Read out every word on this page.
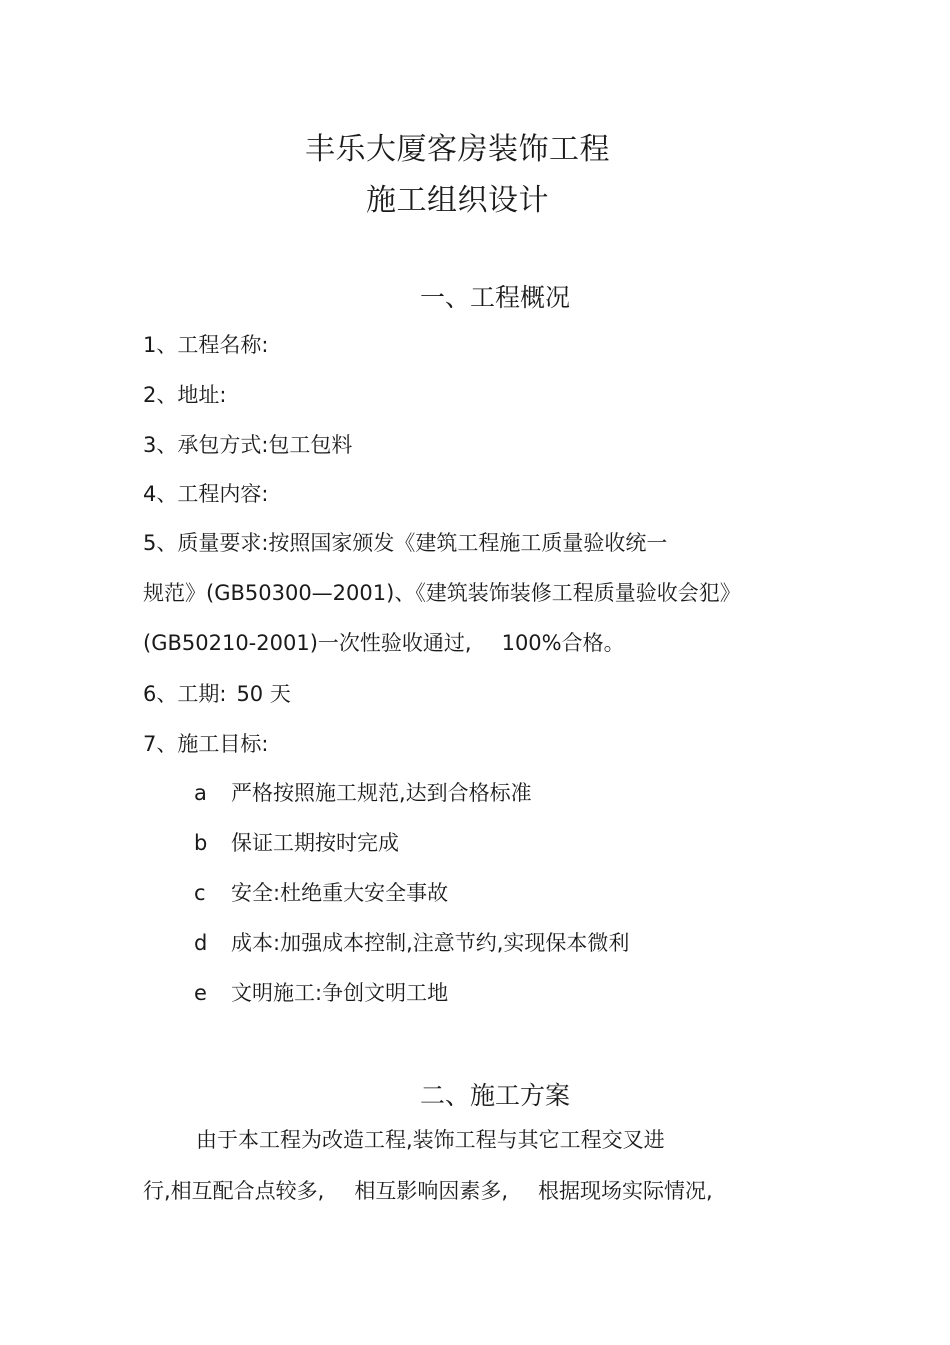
丰乐大厦客房装饰工程
施工组织设计
一、工程概况
1、工程名称:
2、地址:
3、承包方式:包工包料
4、工程内容:
5、质量要求:按照国家颁发《建筑工程施工质量验收统一
规范》(GB50300—2001)、《建筑装饰装修工程质量验收会犯》
(GB50210-2001)一次性验收通过, 100%合格。
6、工期: 50 天
7、施工目标:
a 严格按照施工规范,达到合格标准
b 保证工期按时完成
c 安全:杜绝重大安全事故
d 成本:加强成本控制,注意节约,实现保本微利
e 文明施工:争创文明工地
二、施工方案
由于本工程为改造工程,装饰工程与其它工程交叉进
行,相互配合点较多, 相互影响因素多, 根据现场实际情况,
